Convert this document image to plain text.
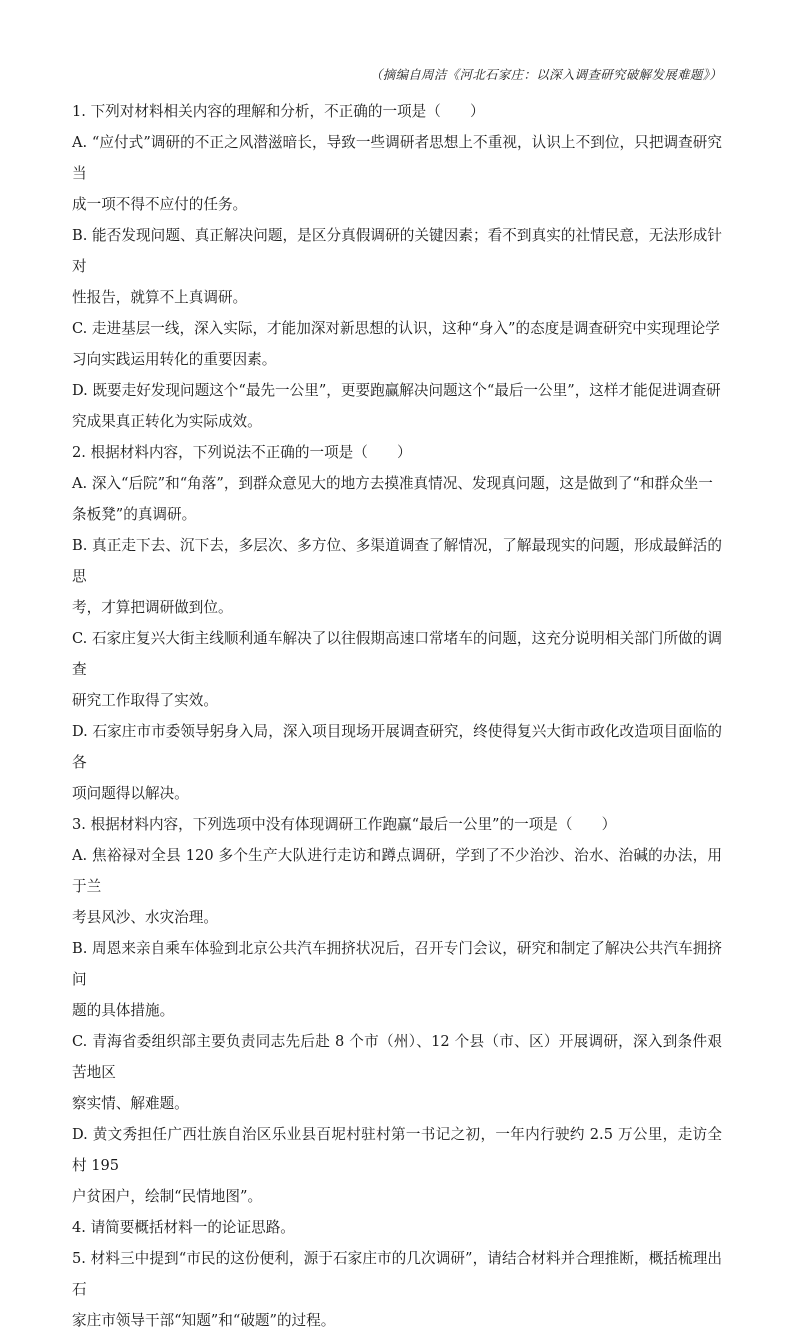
（摘编自周洁《河北石家庄：以深入调查研究破解发展难题》）

1. 下列对材料相关内容的理解和分析，不正确的一项是（　　）

A. “应付式”调研的不正之风潜滋暗长，导致一些调研者思想上不重视，认识上不到位，只把调查研究当

成一项不得不应付的任务。

B. 能否发现问题、真正解决问题，是区分真假调研的关键因素；看不到真实的社情民意，无法形成针对

性报告，就算不上真调研。

C. 走进基层一线，深入实际，才能加深对新思想的认识，这种“身入”的态度是调查研究中实现理论学

习向实践运用转化的重要因素。

D. 既要走好发现问题这个“最先一公里”，更要跑赢解决问题这个“最后一公里”，这样才能促进调查研

究成果真正转化为实际成效。

2. 根据材料内容，下列说法不正确的一项是（　　）

A. 深入“后院”和“角落”，到群众意见大的地方去摸准真情况、发现真问题，这是做到了“和群众坐一

条板凳”的真调研。

B. 真正走下去、沉下去，多层次、多方位、多渠道调查了解情况，了解最现实的问题，形成最鲜活的思

考，才算把调研做到位。

C. 石家庄复兴大街主线顺利通车解决了以往假期高速口常堵车的问题，这充分说明相关部门所做的调查

研究工作取得了实效。

D. 石家庄市市委领导躬身入局，深入项目现场开展调查研究，终使得复兴大街市政化改造项目面临的各

项问题得以解决。

3. 根据材料内容，下列选项中没有体现调研工作跑赢“最后一公里”的一项是（　　）

A. 焦裕禄对全县 120 多个生产大队进行走访和蹲点调研，学到了不少治沙、治水、治碱的办法，用于兰

考县风沙、水灾治理。

B. 周恩来亲自乘车体验到北京公共汽车拥挤状况后，召开专门会议，研究和制定了解决公共汽车拥挤问

题的具体措施。

C. 青海省委组织部主要负责同志先后赴 8 个市（州）、12 个县（市、区）开展调研，深入到条件艰苦地区

察实情、解难题。

D. 黄文秀担任广西壮族自治区乐业县百坭村驻村第一书记之初，一年内行驶约 2.5 万公里，走访全村 195

户贫困户，绘制“民情地图”。

4. 请简要概括材料一的论证思路。

5. 材料三中提到“市民的这份便利，源于石家庄市的几次调研”，请结合材料并合理推断，概括梳理出石

家庄市领导干部“知题”和“破题”的过程。
